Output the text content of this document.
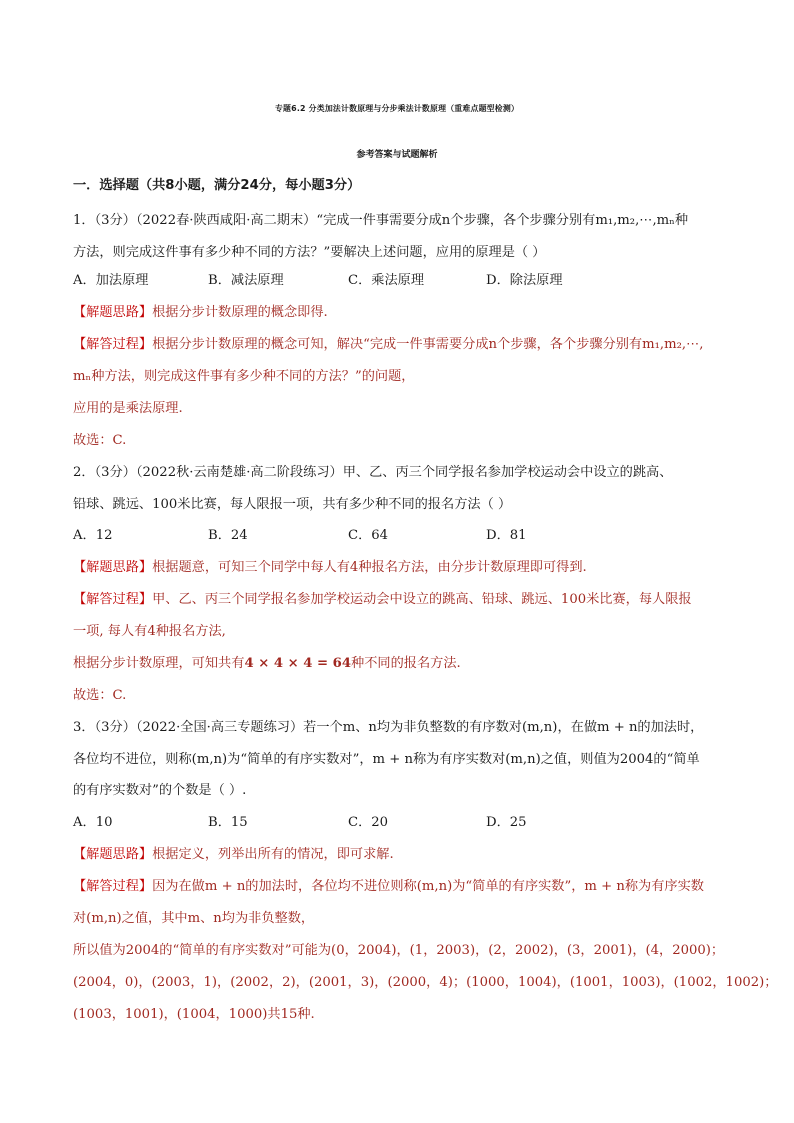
专题6.2 分类加法计数原理与分步乘法计数原理（重难点题型检测）
参考答案与试题解析
一．选择题（共8小题，满分24分，每小题3分）
1．（3分）（2022春·陕西咸阳·高二期末）“完成一件事需要分成n个步骤，各个步骤分别有m₁,m₂,⋯,mₙ种
方法，则完成这件事有多少种不同的方法？”要解决上述问题，应用的原理是（ ）
A．加法原理	B．减法原理	C．乘法原理	D．除法原理
【解题思路】根据分步计数原理的概念即得.
【解答过程】根据分步计数原理的概念可知，解决“完成一件事需要分成n个步骤，各个步骤分别有m₁,m₂,⋯,
mₙ种方法，则完成这件事有多少种不同的方法？”的问题，
应用的是乘法原理.
故选：C.
2．（3分）（2022秋·云南楚雄·高二阶段练习）甲、乙、丙三个同学报名参加学校运动会中设立的跳高、
铅球、跳远、100米比赛，每人限报一项，共有多少种不同的报名方法（ ）
A．12	B．24	C．64	D．81
【解题思路】根据题意，可知三个同学中每人有4种报名方法，由分步计数原理即可得到.
【解答过程】甲、乙、丙三个同学报名参加学校运动会中设立的跳高、铅球、跳远、100米比赛，每人限报
一项, 每人有4种报名方法,
根据分步计数原理，可知共有4 × 4 × 4 = 64种不同的报名方法.
故选：C.
3．（3分）（2022·全国·高三专题练习）若一个m、n均为非负整数的有序数对(m,n)，在做m + n的加法时，
各位均不进位，则称(m,n)为“简单的有序实数对”，m + n称为有序实数对(m,n)之值，则值为2004的“简单
的有序实数对”的个数是（ ）.
A．10	B．15	C．20	D．25
【解题思路】根据定义，列举出所有的情况，即可求解.
【解答过程】因为在做m + n的加法时，各位均不进位则称(m,n)为“简单的有序实数”，m + n称为有序实数
对(m,n)之值，其中m、n均为非负整数，
所以值为2004的“简单的有序实数对”可能为(0，2004)，(1，2003)，(2，2002)，(3，2001)，(4，2000)；
(2004，0)，(2003，1)，(2002，2)，(2001，3)，(2000，4)；(1000，1004)，(1001，1003)，(1002，1002)；
(1003，1001)，(1004，1000)共15种.
